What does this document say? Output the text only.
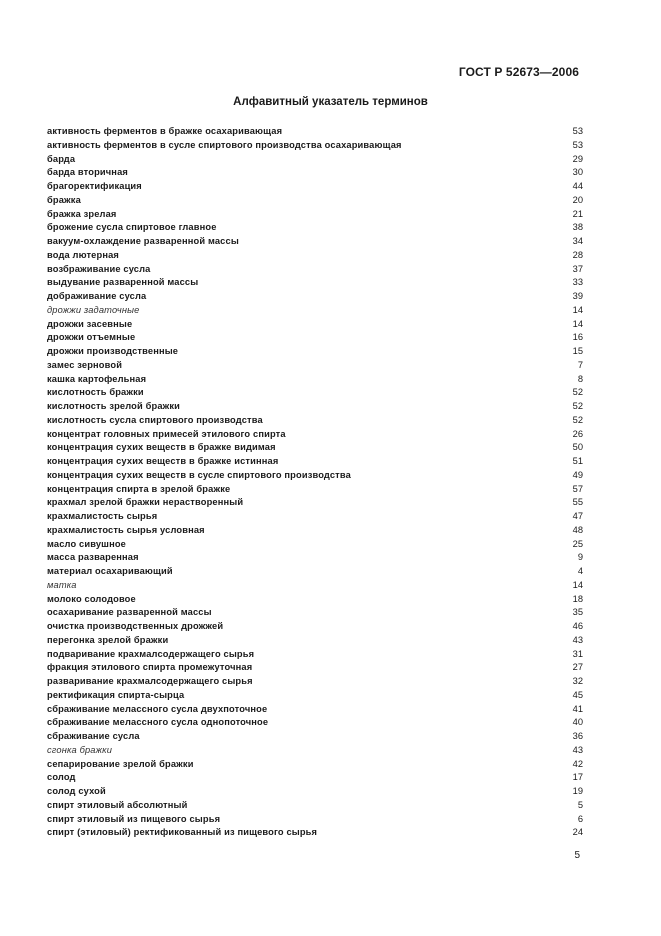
ГОСТ Р 52673—2006
Алфавитный указатель терминов
активность ферментов в бражке осахаривающая	53
активность ферментов в сусле спиртового производства осахаривающая	53
барда	29
барда вторичная	30
брагоректификация	44
бражка	20
бражка зрелая	21
брожение сусла спиртовое главное	38
вакуум-охлаждение разваренной массы	34
вода лютерная	28
возбраживание сусла	37
выдувание разваренной массы	33
дображивание сусла	39
дрожжи задаточные	14
дрожжи засевные	14
дрожжи отъемные	16
дрожжи производственные	15
замес зерновой	7
кашка картофельная	8
кислотность бражки	52
кислотность зрелой бражки	52
кислотность сусла спиртового производства	52
концентрат головных примесей этилового спирта	26
концентрация сухих веществ в бражке видимая	50
концентрация сухих веществ в бражке истинная	51
концентрация сухих веществ в сусле спиртового производства	49
концентрация спирта в зрелой бражке	57
крахмал зрелой бражки нерастворенный	55
крахмалистость сырья	47
крахмалистость сырья условная	48
масло сивушное	25
масса разваренная	9
материал осахаривающий	4
матка	14
молоко солодовое	18
осахаривание разваренной массы	35
очистка производственных дрожжей	46
перегонка зрелой бражки	43
подваривание крахмалсодержащего сырья	31
фракция этилового спирта промежуточная	27
разваривание крахмалсодержащего сырья	32
ректификация спирта-сырца	45
сбраживание мелассного сусла двухпоточное	41
сбраживание мелассного сусла однопоточное	40
сбраживание сусла	36
сгонка бражки	43
сепарирование зрелой бражки	42
солод	17
солод сухой	19
спирт этиловый абсолютный	5
спирт этиловый из пищевого сырья	6
спирт (этиловый) ректификованный из пищевого сырья	24
5
